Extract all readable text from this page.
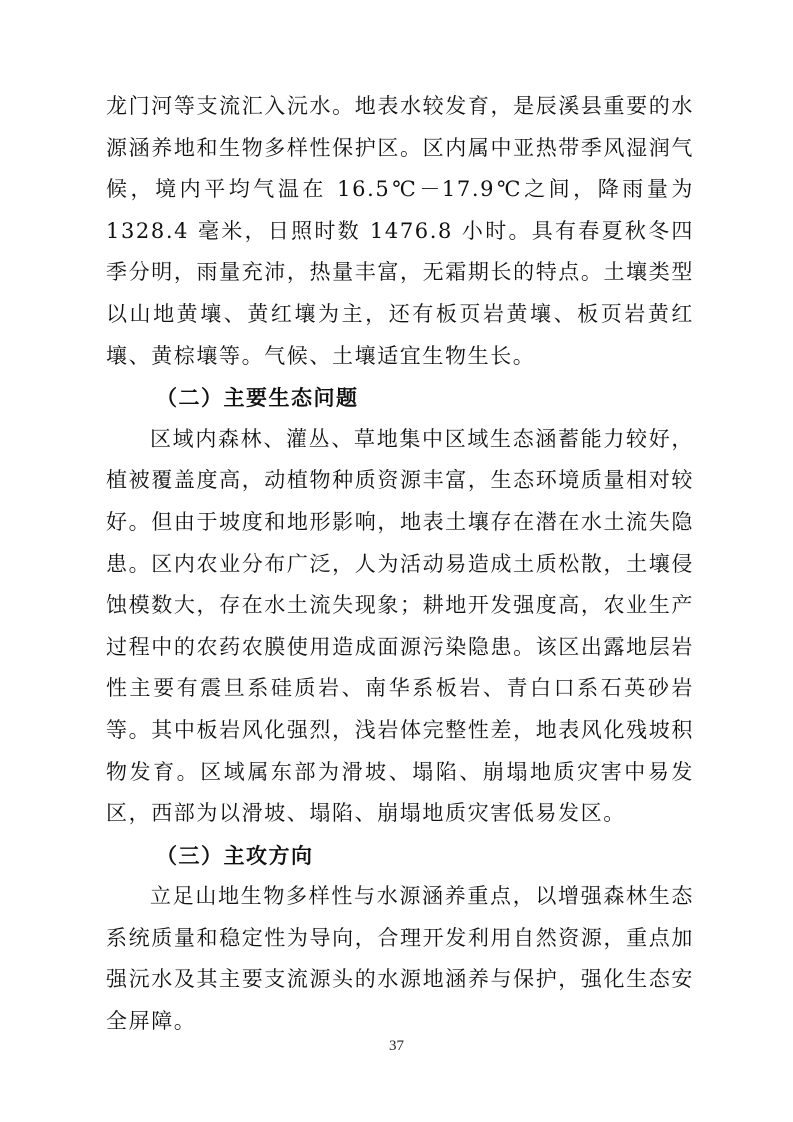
龙门河等支流汇入沅水。地表水较发育，是辰溪县重要的水源涵养地和生物多样性保护区。区内属中亚热带季风湿润气候，境内平均气温在 16.5℃－17.9℃之间，降雨量为 1328.4 毫米，日照时数 1476.8 小时。具有春夏秋冬四季分明，雨量充沛，热量丰富，无霜期长的特点。土壤类型以山地黄壤、黄红壤为主，还有板页岩黄壤、板页岩黄红壤、黄棕壤等。气候、土壤适宜生物生长。

（二）主要生态问题

区域内森林、灌丛、草地集中区域生态涵蓄能力较好，植被覆盖度高，动植物种质资源丰富，生态环境质量相对较好。但由于坡度和地形影响，地表土壤存在潜在水土流失隐患。区内农业分布广泛，人为活动易造成土质松散，土壤侵蚀模数大，存在水土流失现象；耕地开发强度高，农业生产过程中的农药农膜使用造成面源污染隐患。该区出露地层岩性主要有震旦系硅质岩、南华系板岩、青白口系石英砂岩等。其中板岩风化强烈，浅岩体完整性差，地表风化残坡积物发育。区域属东部为滑坡、塌陷、崩塌地质灾害中易发区，西部为以滑坡、塌陷、崩塌地质灾害低易发区。

（三）主攻方向

立足山地生物多样性与水源涵养重点，以增强森林生态系统质量和稳定性为导向，合理开发利用自然资源，重点加强沅水及其主要支流源头的水源地涵养与保护，强化生态安全屏障。

37
